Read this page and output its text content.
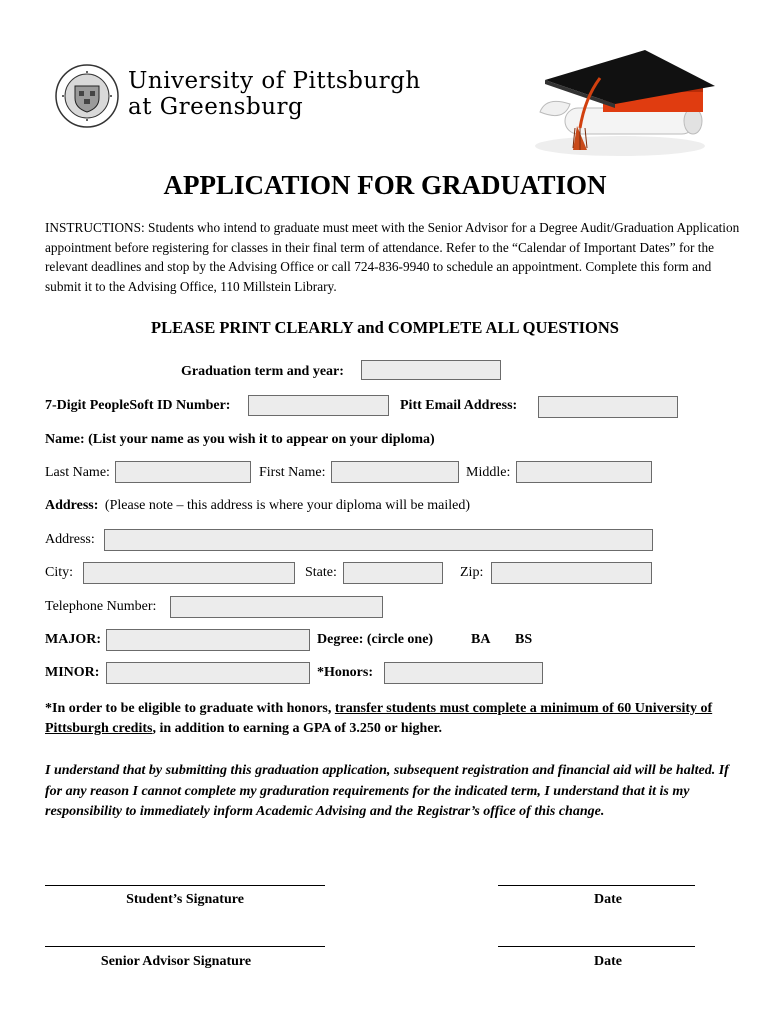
University of Pittsburgh
at Greensburg
APPLICATION FOR GRADUATION
INSTRUCTIONS: Students who intend to graduate must meet with the Senior Advisor for a Degree Audit/Graduation Application appointment before registering for classes in their final term of attendance. Refer to the “Calendar of Important Dates” for the relevant deadlines and stop by the Advising Office or call 724-836-9940 to schedule an appointment. Complete this form and submit it to the Advising Office, 110 Millstein Library.
PLEASE PRINT CLEARLY and COMPLETE ALL QUESTIONS
Graduation term and year:
7-Digit PeopleSoft ID Number:	Pitt Email Address:
Name: (List your name as you wish it to appear on your diploma)
Last Name:	First Name:	Middle:
Address: (Please note – this address is where your diploma will be mailed)
Address:
City:	State:	Zip:
Telephone Number:
MAJOR:	Degree: (circle one)	BA BS
MINOR:	*Honors:
*In order to be eligible to graduate with honors, transfer students must complete a minimum of 60 University of Pittsburgh credits, in addition to earning a GPA of 3.250 or higher.
I understand that by submitting this graduation application, subsequent registration and financial aid will be halted. If for any reason I cannot complete my graduration requirements for the indicated term, I understand that it is my responsibility to immediately inform Academic Advising and the Registrar’s office of this change.
Student’s Signature	Date
Senior Advisor Signature	Date
